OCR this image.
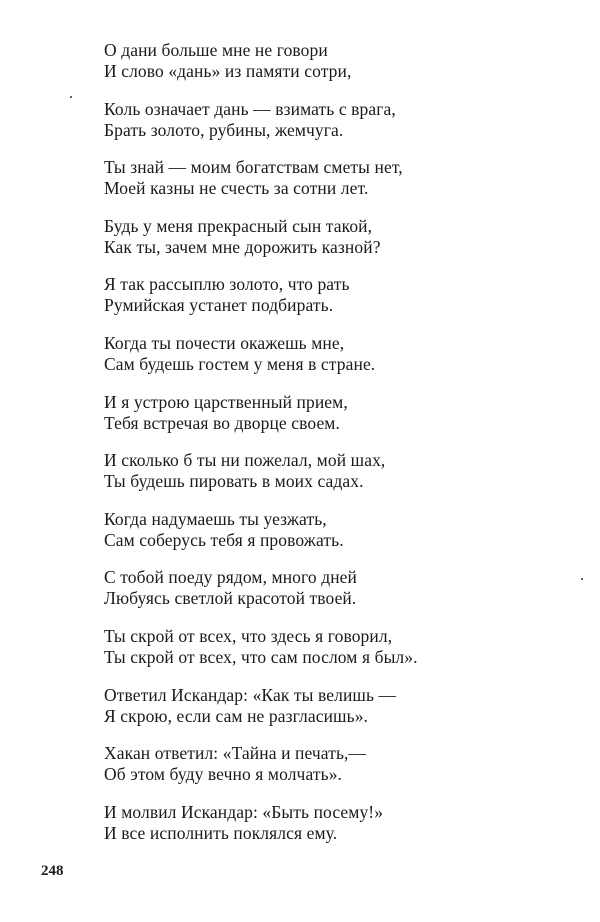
О дани больше мне не говори
И слово «дань» из памяти сотри,
Коль означает дань — взимать с врага,
Брать золото, рубины, жемчуга.
Ты знай — моим богатствам сметы нет,
Моей казны не счесть за сотни лет.
Будь у меня прекрасный сын такой,
Как ты, зачем мне дорожить казной?
Я так рассыплю золото, что рать
Румийская устанет подбирать.
Когда ты почести окажешь мне,
Сам будешь гостем у меня в стране.
И я устрою царственный прием,
Тебя встречая во дворце своем.
И сколько б ты ни пожелал, мой шах,
Ты будешь пировать в моих садах.
Когда надумаешь ты уезжать,
Сам соберусь тебя я провожать.
С тобой поеду рядом, много дней
Любуясь светлой красотой твоей.
Ты скрой от всех, что здесь я говорил,
Ты скрой от всех, что сам послом я был».
Ответил Искандар: «Как ты велишь —
Я скрою, если сам не разгласишь».
Хакан ответил: «Тайна и печать,—
Об этом буду вечно я молчать».
И молвил Искандар: «Быть посему!»
И все исполнить поклялся ему.
248
